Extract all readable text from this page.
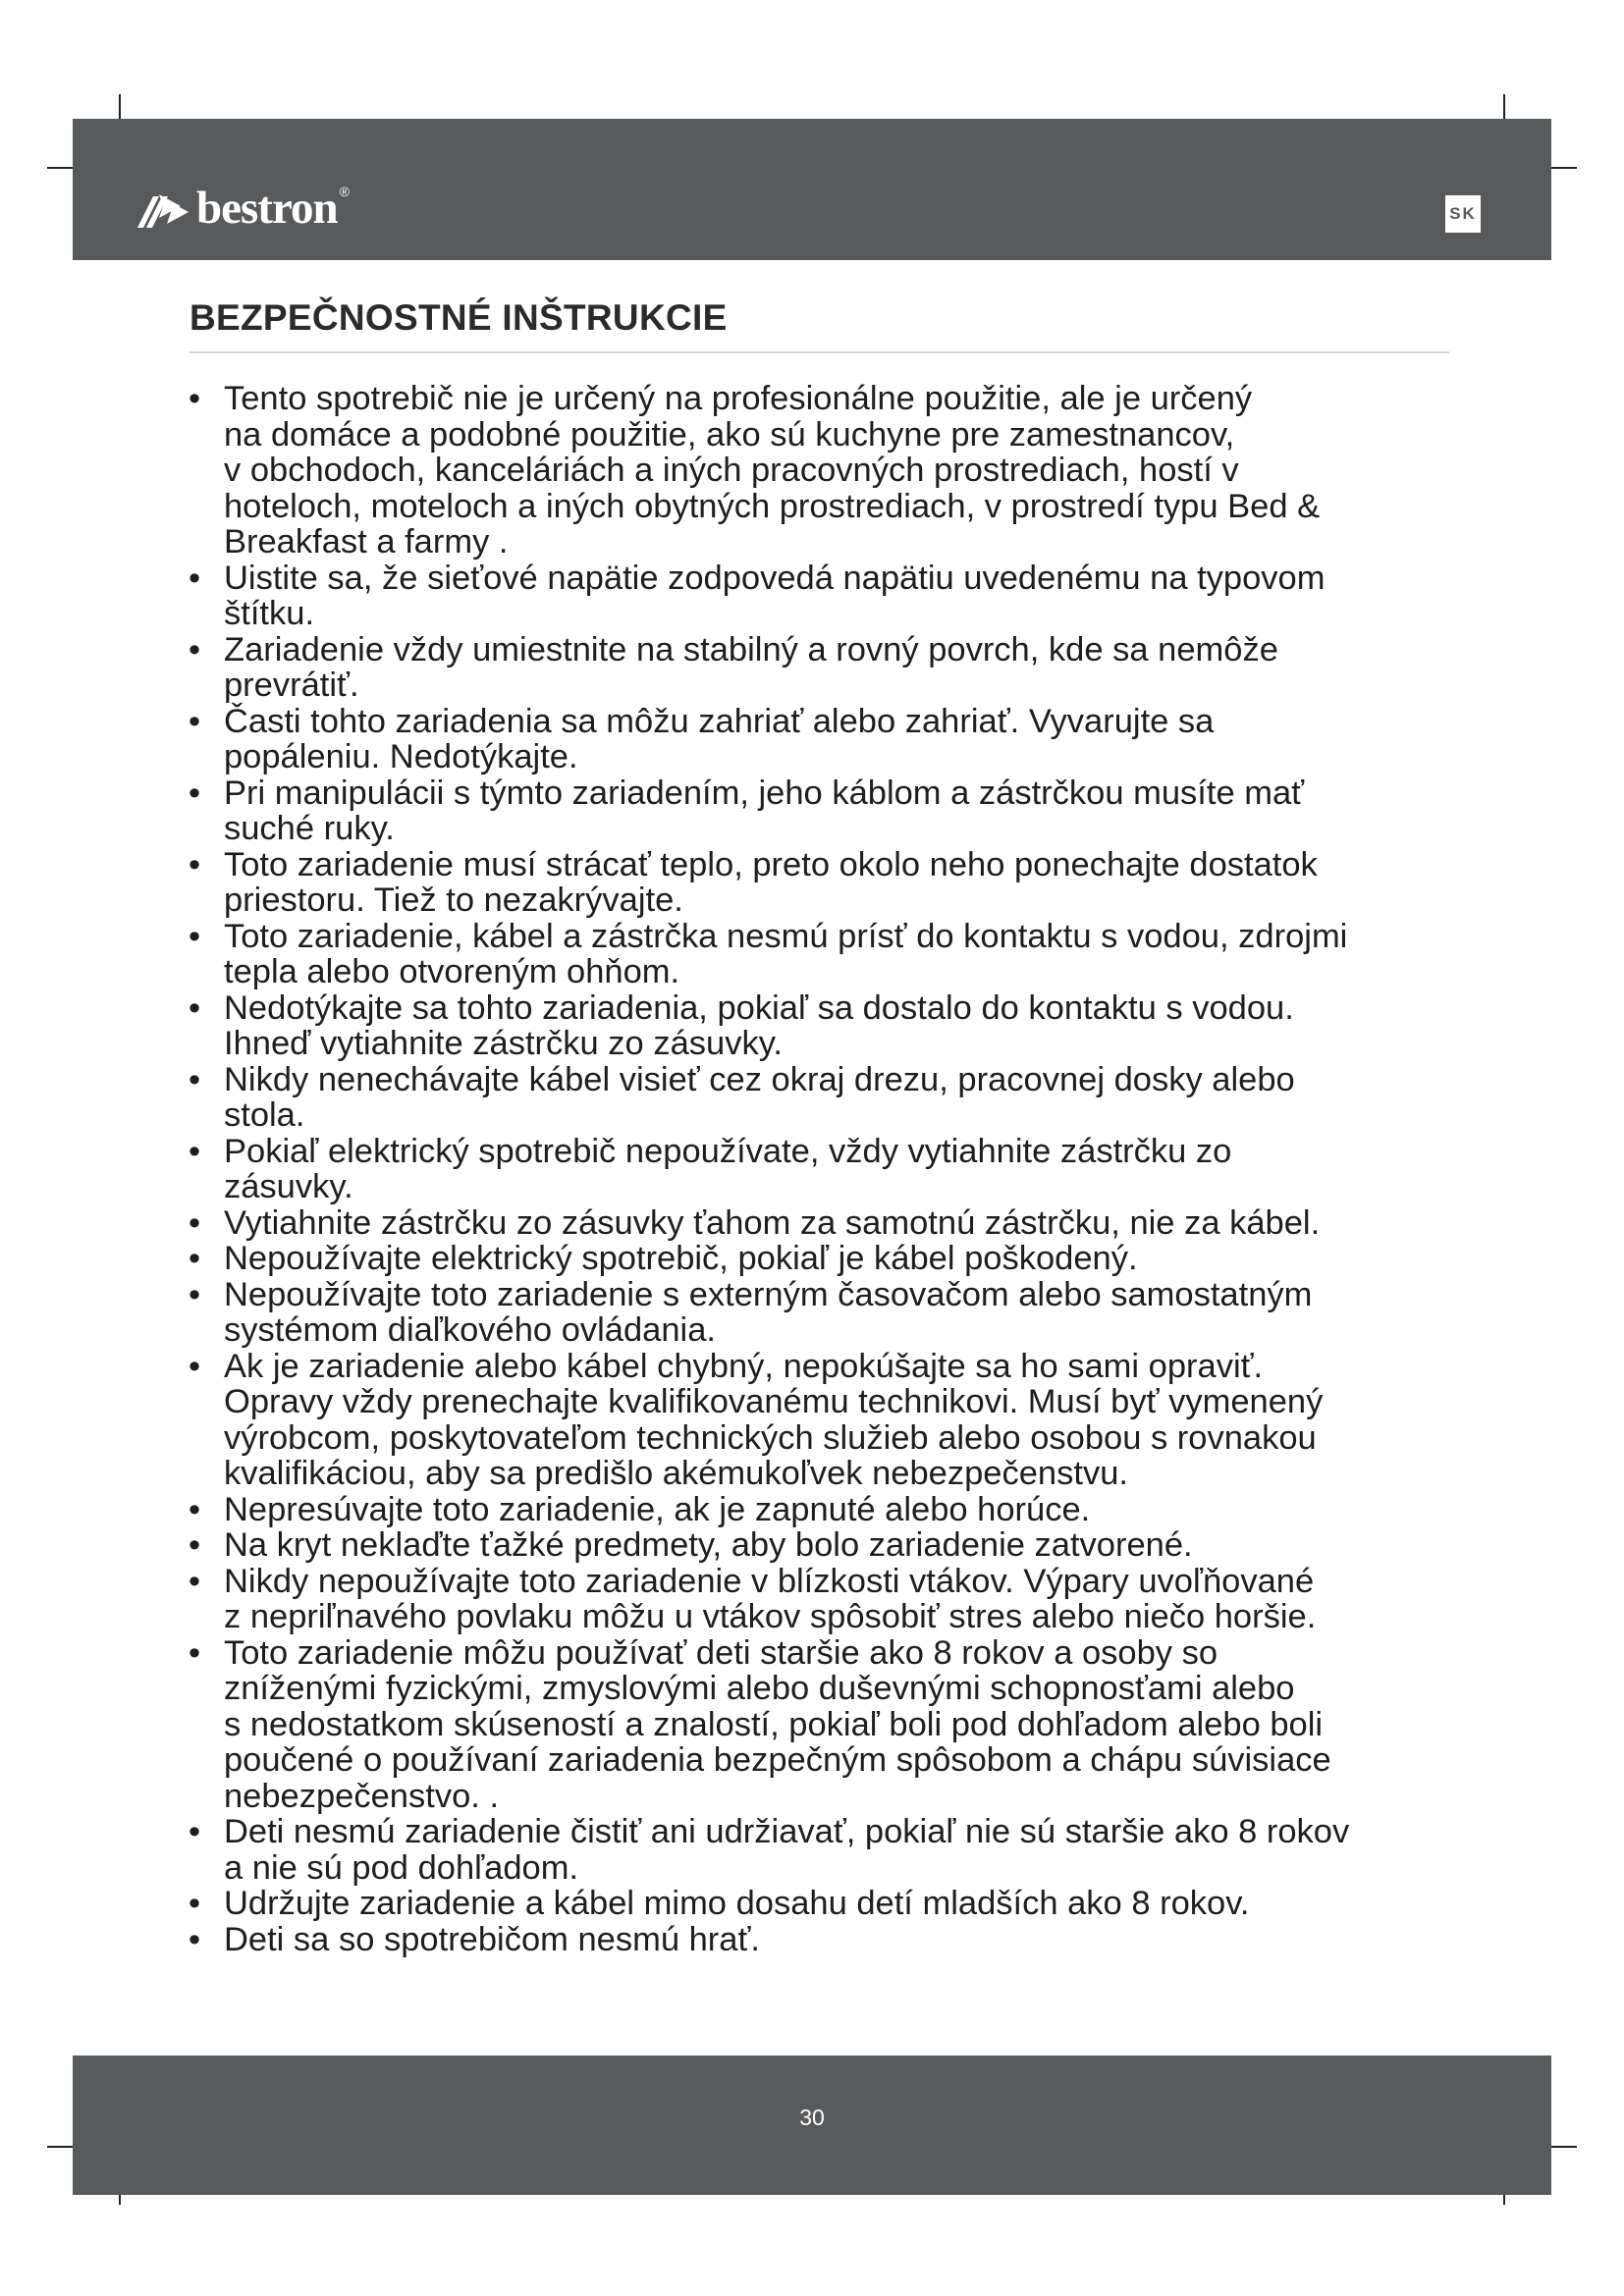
bestron ®
SK
BEZPEČNOSTNÉ INŠTRUKCIE
• Tento spotrebič nie je určený na profesionálne použitie, ale je určený
na domáce a podobné použitie, ako sú kuchyne pre zamestnancov,
v obchodoch, kanceláriách a iných pracovných prostrediach, hostí v
hoteloch, moteloch a iných obytných prostrediach, v prostredí typu Bed &
Breakfast a farmy .
• Uistite sa, že sieťové napätie zodpovedá napätiu uvedenému na typovom
štítku.
• Zariadenie vždy umiestnite na stabilný a rovný povrch, kde sa nemôže
prevrátiť.
• Časti tohto zariadenia sa môžu zahriať alebo zahriať. Vyvarujte sa
popáleniu. Nedotýkajte.
• Pri manipulácii s týmto zariadením, jeho káblom a zástrčkou musíte mať
suché ruky.
• Toto zariadenie musí strácať teplo, preto okolo neho ponechajte dostatok
priestoru. Tiež to nezakrývajte.
• Toto zariadenie, kábel a zástrčka nesmú prísť do kontaktu s vodou, zdrojmi
tepla alebo otvoreným ohňom.
• Nedotýkajte sa tohto zariadenia, pokiaľ sa dostalo do kontaktu s vodou.
Ihneď vytiahnite zástrčku zo zásuvky.
• Nikdy nenechávajte kábel visieť cez okraj drezu, pracovnej dosky alebo
stola.
• Pokiaľ elektrický spotrebič nepoužívate, vždy vytiahnite zástrčku zo
zásuvky.
• Vytiahnite zástrčku zo zásuvky ťahom za samotnú zástrčku, nie za kábel.
• Nepoužívajte elektrický spotrebič, pokiaľ je kábel poškodený.
• Nepoužívajte toto zariadenie s externým časovačom alebo samostatným
systémom diaľkového ovládania.
• Ak je zariadenie alebo kábel chybný, nepokúšajte sa ho sami opraviť.
Opravy vždy prenechajte kvalifikovanému technikovi. Musí byť vymenený
výrobcom, poskytovateľom technických služieb alebo osobou s rovnakou
kvalifikáciou, aby sa predišlo akémukoľvek nebezpečenstvu.
• Nepresúvajte toto zariadenie, ak je zapnuté alebo horúce.
• Na kryt neklaďte ťažké predmety, aby bolo zariadenie zatvorené.
• Nikdy nepoužívajte toto zariadenie v blízkosti vtákov. Výpary uvoľňované
z nepriľnavého povlaku môžu u vtákov spôsobiť stres alebo niečo horšie.
• Toto zariadenie môžu používať deti staršie ako 8 rokov a osoby so
zníženými fyzickými, zmyslovými alebo duševnými schopnosťami alebo
s nedostatkom skúseností a znalostí, pokiaľ boli pod dohľadom alebo boli
poučené o používaní zariadenia bezpečným spôsobom a chápu súvisiace
nebezpečenstvo. .
• Deti nesmú zariadenie čistiť ani udržiavať, pokiaľ nie sú staršie ako 8 rokov
a nie sú pod dohľadom.
• Udržujte zariadenie a kábel mimo dosahu detí mladších ako 8 rokov.
• Deti sa so spotrebičom nesmú hrať.
30
